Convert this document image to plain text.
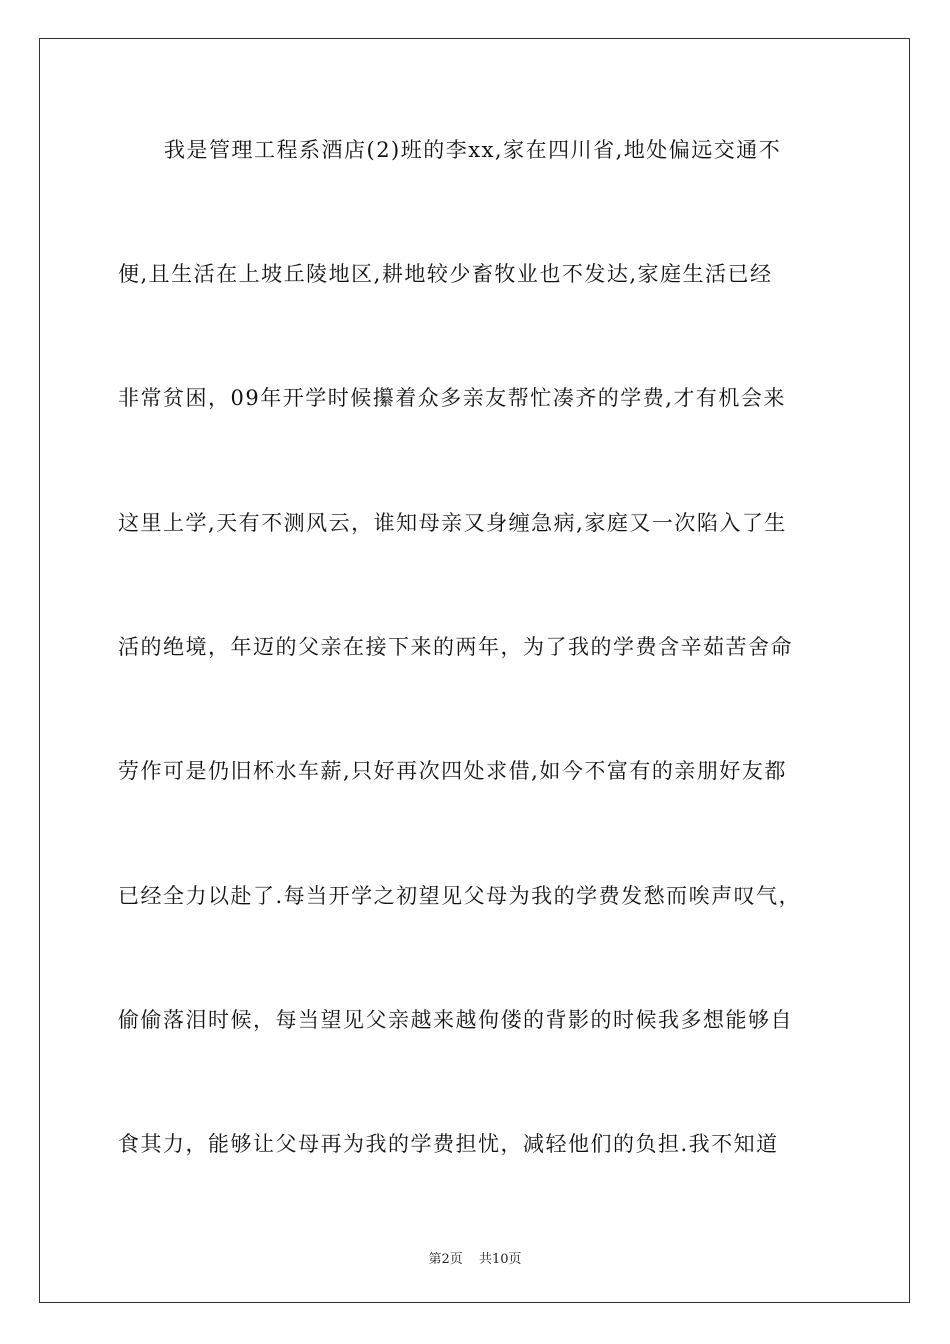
我是管理工程系酒店(2)班的李xx,家在四川省,地处偏远交通不
便,且生活在上坡丘陵地区,耕地较少畜牧业也不发达,家庭生活已经
非常贫困，09年开学时候攥着众多亲友帮忙凑齐的学费,才有机会来
这里上学,天有不测风云，谁知母亲又身缠急病,家庭又一次陷入了生
活的绝境，年迈的父亲在接下来的两年，为了我的学费含辛茹苦舍命
劳作可是仍旧杯水车薪,只好再次四处求借,如今不富有的亲朋好友都
已经全力以赴了.每当开学之初望见父母为我的学费发愁而唉声叹气，
偷偷落泪时候，每当望见父亲越来越佝偻的背影的时候我多想能够自
食其力，能够让父母再为我的学费担忧，减轻他们的负担.我不知道
第2页 共10页
